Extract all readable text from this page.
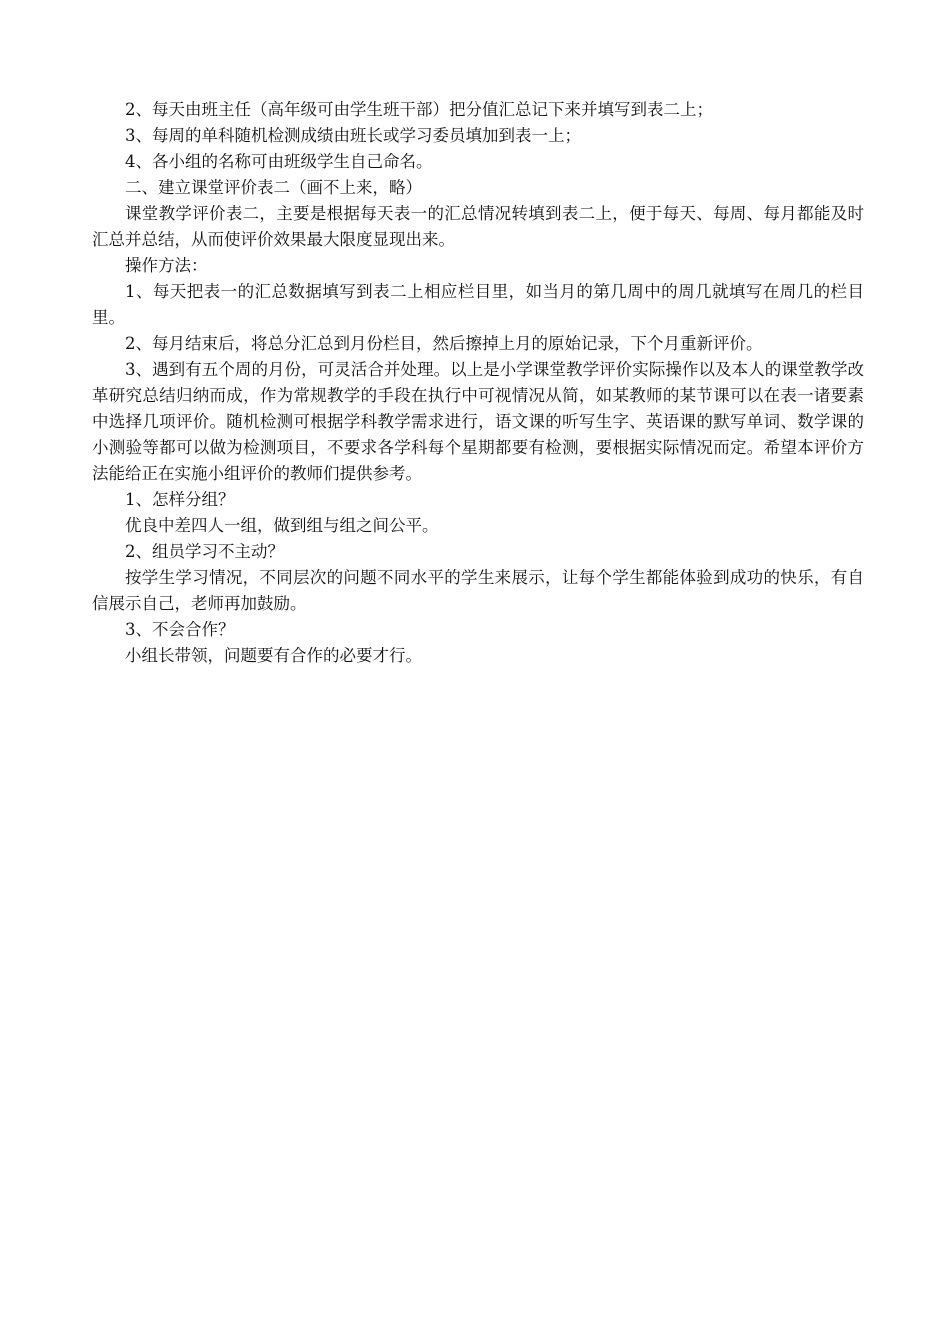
2、每天由班主任（高年级可由学生班干部）把分值汇总记下来并填写到表二上；

3、每周的单科随机检测成绩由班长或学习委员填加到表一上；

4、各小组的名称可由班级学生自己命名。

二、建立课堂评价表二（画不上来，略）

课堂教学评价表二，主要是根据每天表一的汇总情况转填到表二上，便于每天、每周、每月都能及时汇总并总结，从而使评价效果最大限度显现出来。

操作方法：

1、每天把表一的汇总数据填写到表二上相应栏目里，如当月的第几周中的周几就填写在周几的栏目里。

2、每月结束后，将总分汇总到月份栏目，然后擦掉上月的原始记录，下个月重新评价。

3、遇到有五个周的月份，可灵活合并处理。以上是小学课堂教学评价实际操作以及本人的课堂教学改革研究总结归纳而成，作为常规教学的手段在执行中可视情况从简，如某教师的某节课可以在表一诸要素中选择几项评价。随机检测可根据学科教学需求进行，语文课的听写生字、英语课的默写单词、数学课的小测验等都可以做为检测项目，不要求各学科每个星期都要有检测，要根据实际情况而定。希望本评价方法能给正在实施小组评价的教师们提供参考。

1、怎样分组？

优良中差四人一组，做到组与组之间公平。

2、组员学习不主动？

按学生学习情况，不同层次的问题不同水平的学生来展示，让每个学生都能体验到成功的快乐，有自信展示自己，老师再加鼓励。

3、不会合作？

小组长带领，问题要有合作的必要才行。
